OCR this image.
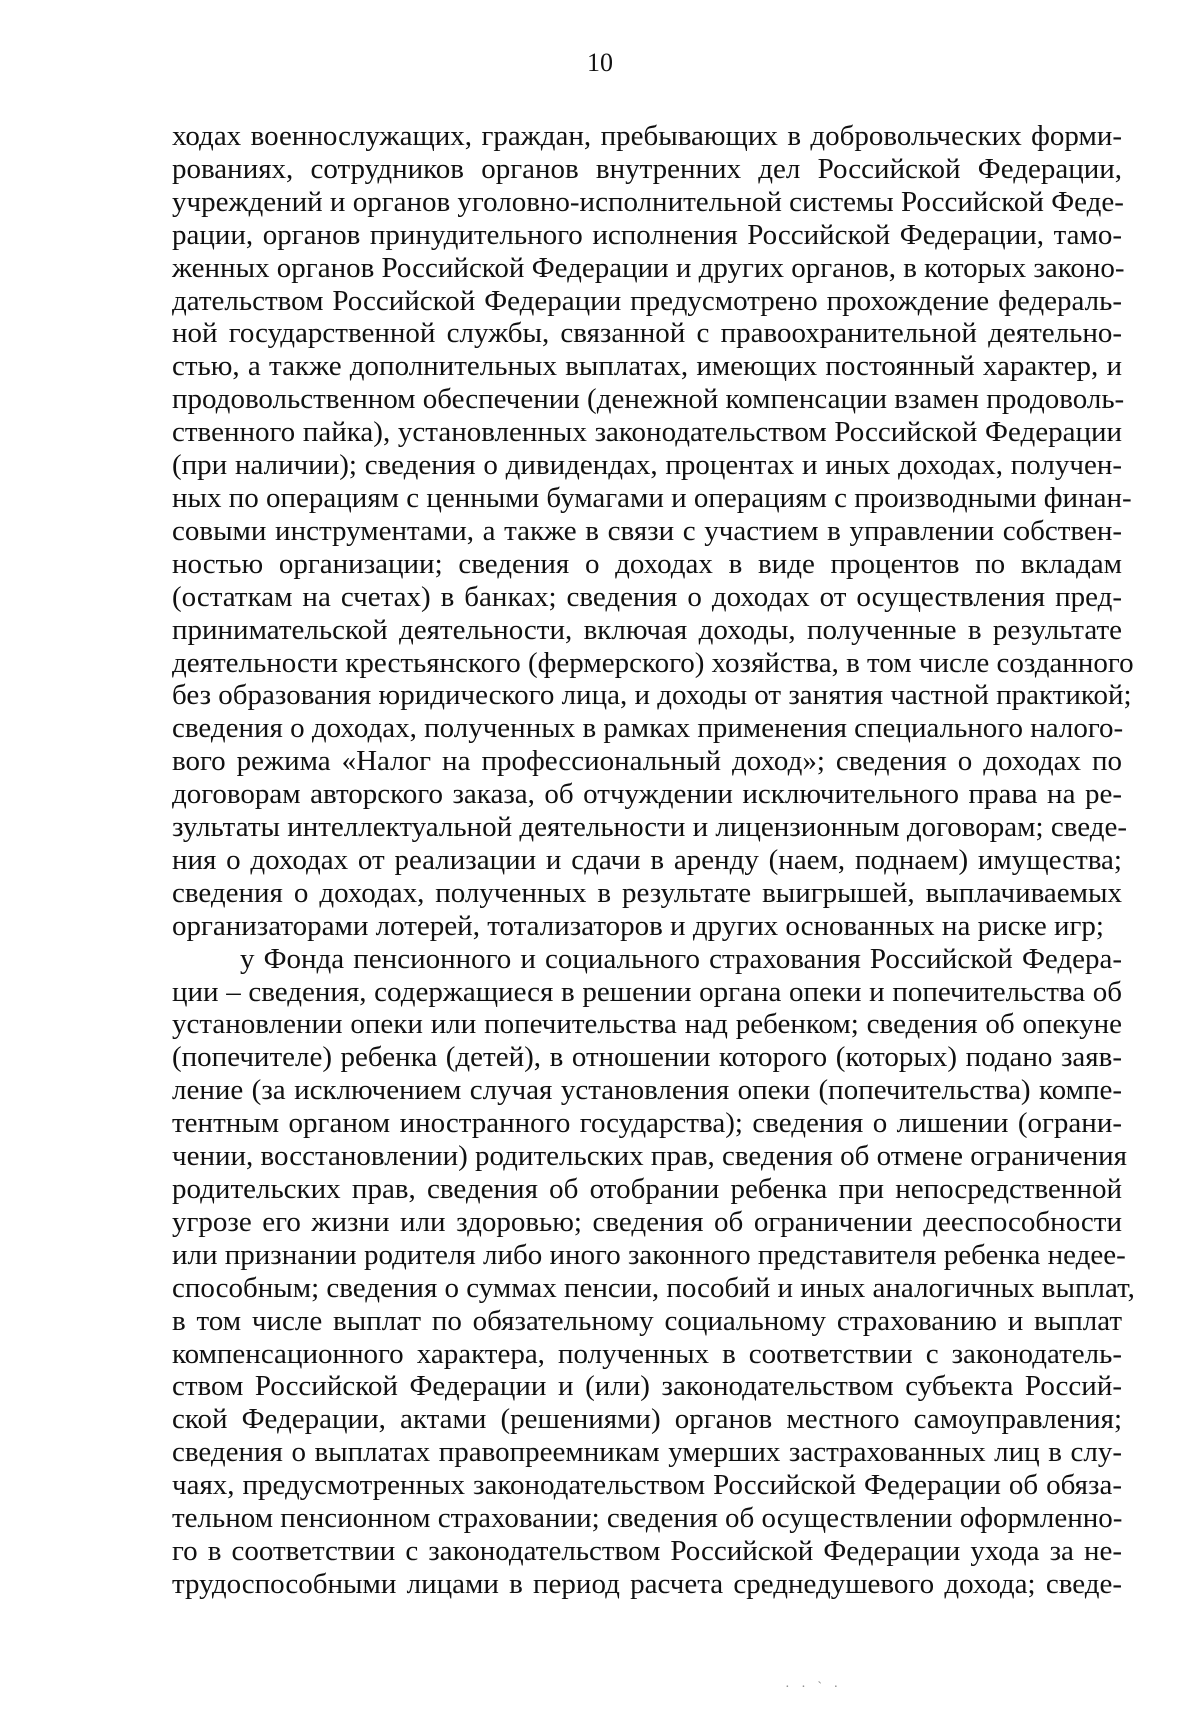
10
ходах военнослужащих, граждан, пребывающих в добровольческих форми-
рованиях, сотрудников органов внутренних дел Российской Федерации,
учреждений и органов уголовно-исполнительной системы Российской Феде-
рации, органов принудительного исполнения Российской Федерации, тамо-
женных органов Российской Федерации и других органов, в которых законо-
дательством Российской Федерации предусмотрено прохождение федераль-
ной государственной службы, связанной с правоохранительной деятельно-
стью, а также дополнительных выплатах, имеющих постоянный характер, и
продовольственном обеспечении (денежной компенсации взамен продоволь-
ственного пайка), установленных законодательством Российской Федерации
(при наличии); сведения о дивидендах, процентах и иных доходах, получен-
ных по операциям с ценными бумагами и операциям с производными финан-
совыми инструментами, а также в связи с участием в управлении собствен-
ностью организации; сведения о доходах в виде процентов по вкладам
(остаткам на счетах) в банках; сведения о доходах от осуществления пред-
принимательской деятельности, включая доходы, полученные в результате
деятельности крестьянского (фермерского) хозяйства, в том числе созданного
без образования юридического лица, и доходы от занятия частной практикой;
сведения о доходах, полученных в рамках применения специального налого-
вого режима «Налог на профессиональный доход»; сведения о доходах по
договорам авторского заказа, об отчуждении исключительного права на ре-
зультаты интеллектуальной деятельности и лицензионным договорам; сведе-
ния о доходах от реализации и сдачи в аренду (наем, поднаем) имущества;
сведения о доходах, полученных в результате выигрышей, выплачиваемых
организаторами лотерей, тотализаторов и других основанных на риске игр;
у Фонда пенсионного и социального страхования Российской Федера-
ции – сведения, содержащиеся в решении органа опеки и попечительства об
установлении опеки или попечительства над ребенком; сведения об опекуне
(попечителе) ребенка (детей), в отношении которого (которых) подано заяв-
ление (за исключением случая установления опеки (попечительства) компе-
тентным органом иностранного государства); сведения о лишении (ограни-
чении, восстановлении) родительских прав, сведения об отмене ограничения
родительских прав, сведения об отобрании ребенка при непосредственной
угрозе его жизни или здоровью; сведения об ограничении дееспособности
или признании родителя либо иного законного представителя ребенка недее-
способным; сведения о суммах пенсии, пособий и иных аналогичных выплат,
в том числе выплат по обязательному социальному страхованию и выплат
компенсационного характера, полученных в соответствии с законодатель-
ством Российской Федерации и (или) законодательством субъекта Россий-
ской Федерации, актами (решениями) органов местного самоуправления;
сведения о выплатах правопреемникам умерших застрахованных лиц в слу-
чаях, предусмотренных законодательством Российской Федерации об обяза-
тельном пенсионном страховании; сведения об осуществлении оформленно-
го в соответствии с законодательством Российской Федерации ухода за не-
трудоспособными лицами в период расчета среднедушевого дохода; сведе-
· · ˋ ·
